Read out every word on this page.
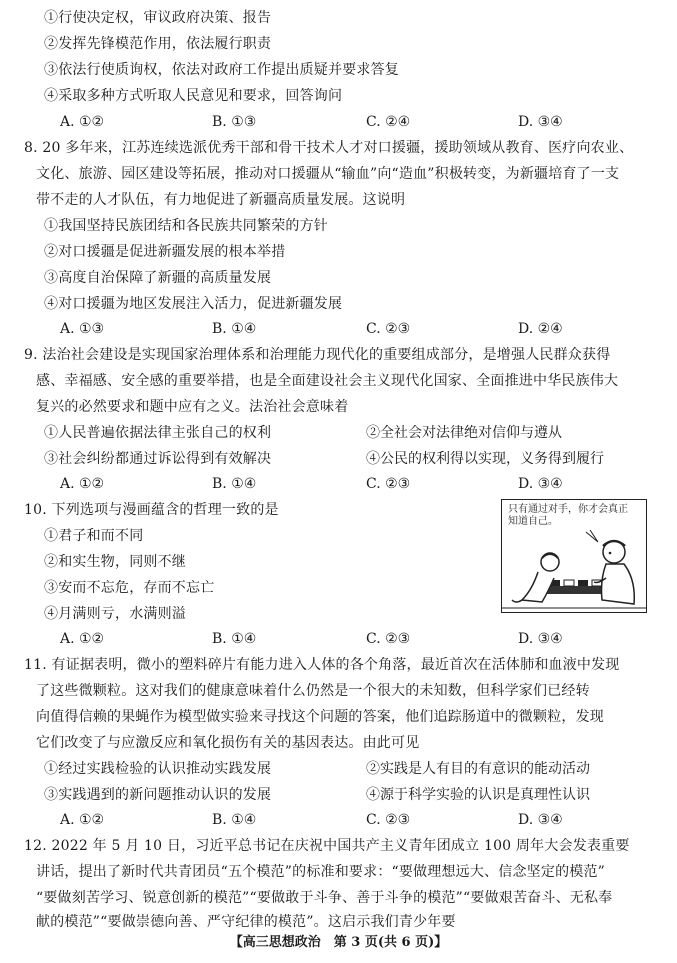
①行使决定权，审议政府决策、报告
②发挥先锋模范作用，依法履行职责
③依法行使质询权，依法对政府工作提出质疑并要求答复
④采取多种方式听取人民意见和要求，回答询问
A. ①②	B. ①③	C. ②④	D. ③④
8. 20 多年来，江苏连续选派优秀干部和骨干技术人才对口援疆，援助领域从教育、医疗向农业、
文化、旅游、园区建设等拓展，推动对口援疆从“输血”向“造血”积极转变，为新疆培育了一支
带不走的人才队伍，有力地促进了新疆高质量发展。这说明
①我国坚持民族团结和各民族共同繁荣的方针
②对口援疆是促进新疆发展的根本举措
③高度自治保障了新疆的高质量发展
④对口援疆为地区发展注入活力，促进新疆发展
A. ①③	B. ①④	C. ②③	D. ②④
9. 法治社会建设是实现国家治理体系和治理能力现代化的重要组成部分，是增强人民群众获得
感、幸福感、安全感的重要举措，也是全面建设社会主义现代化国家、全面推进中华民族伟大
复兴的必然要求和题中应有之义。法治社会意味着
①人民普遍依据法律主张自己的权利	②全社会对法律绝对信仰与遵从
③社会纠纷都通过诉讼得到有效解决	④公民的权利得以实现，义务得到履行
A. ①②	B. ①④	C. ②③	D. ③④
10. 下列选项与漫画蕴含的哲理一致的是
①君子和而不同
②和实生物，同则不继
③安而不忘危，存而不忘亡
④月满则亏，水满则溢
A. ①②	B. ①④	C. ②③	D. ③④
只有通过对手，你才会真正知道自己。
11. 有证据表明，微小的塑料碎片有能力进入人体的各个角落，最近首次在活体肺和血液中发现
了这些微颗粒。这对我们的健康意味着什么仍然是一个很大的未知数，但科学家们已经转
向值得信赖的果蝇作为模型做实验来寻找这个问题的答案，他们追踪肠道中的微颗粒，发现
它们改变了与应激反应和氧化损伤有关的基因表达。由此可见
①经过实践检验的认识推动实践发展	②实践是人有目的有意识的能动活动
③实践遇到的新问题推动认识的发展	④源于科学实验的认识是真理性认识
A. ①②	B. ①④	C. ②③	D. ③④
12. 2022 年 5 月 10 日，习近平总书记在庆祝中国共产主义青年团成立 100 周年大会发表重要
讲话，提出了新时代共青团员“五个模范”的标准和要求：“要做理想远大、信念坚定的模范”
“要做刻苦学习、锐意创新的模范”“要做敢于斗争、善于斗争的模范”“要做艰苦奋斗、无私奉
献的模范”“要做崇德向善、严守纪律的模范”。这启示我们青少年要
【高三思想政治　第 3 页(共 6 页)】
